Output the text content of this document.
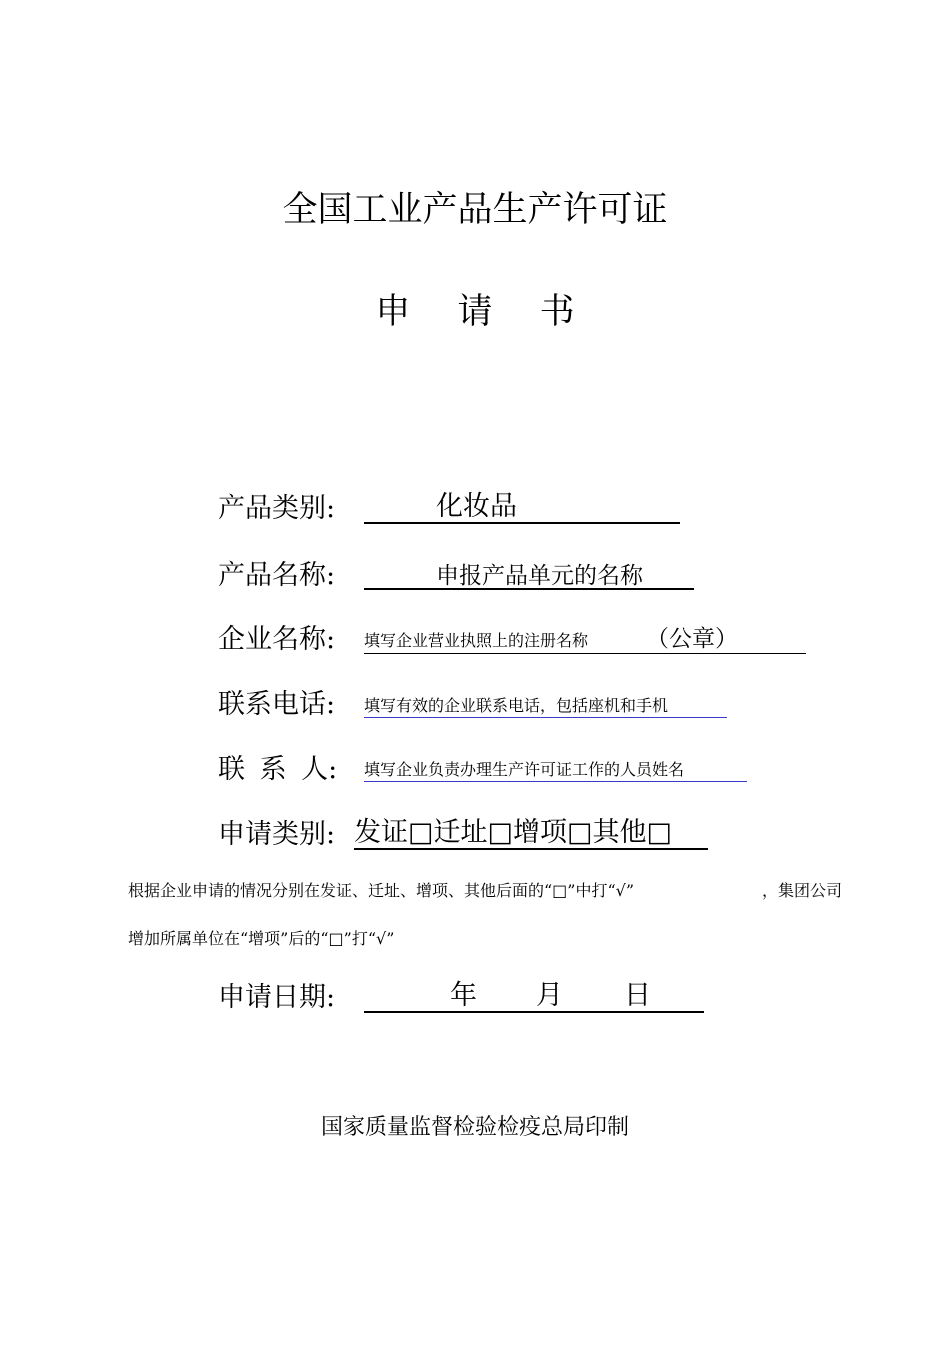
全国工业产品生产许可证
申 请 书
产品类别:	化妆品
产品名称:	申报产品单元的名称
企业名称: 填写企业营业执照上的注册名称	（公章）
联系电话: 填写有效的企业联系电话，包括座机和手机
联 系 人: 填写企业负责办理生产许可证工作的人员姓名
申请类别: 发证□迁址□增项□其他□
根据企业申请的情况分别在发证、迁址、增项、其他后面的“□”中打“√”	，集团公司
增加所属单位在“增项”后的“□”打“√”
申请日期:	年 月 日
国家质量监督检验检疫总局印制
